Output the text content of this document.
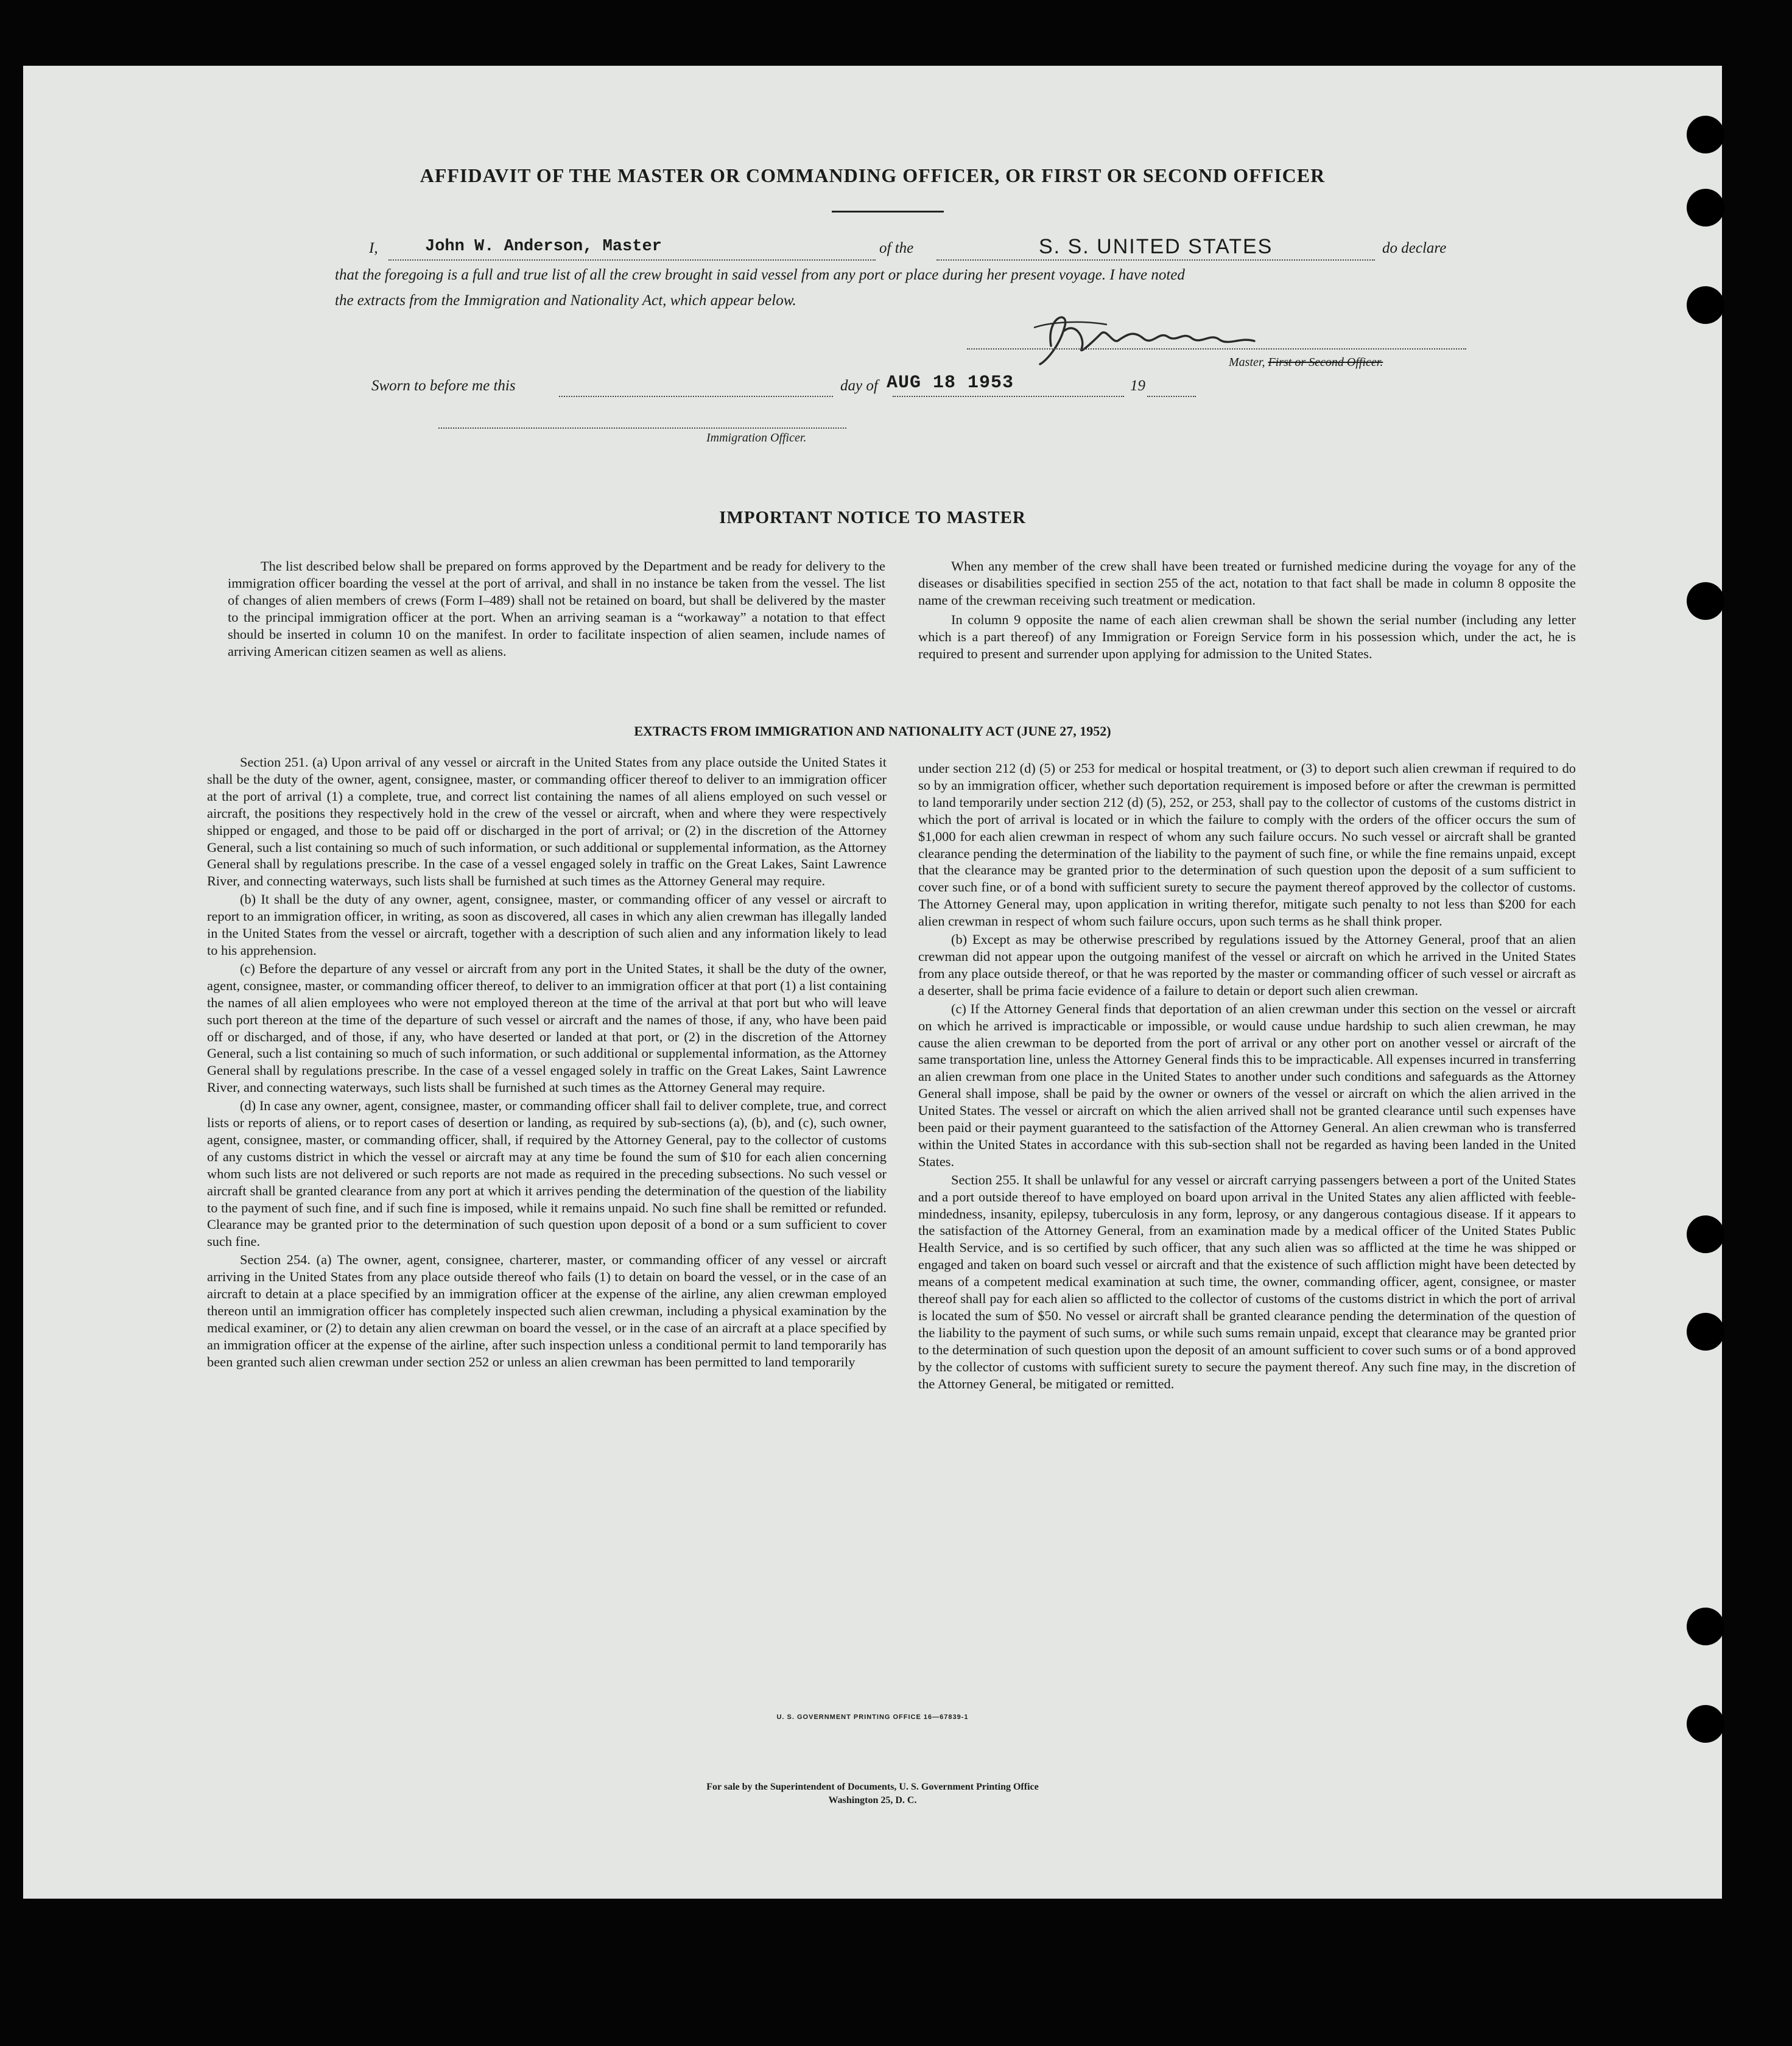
AFFIDAVIT OF THE MASTER OR COMMANDING OFFICER, OR FIRST OR SECOND OFFICER
I,	John W. Anderson, Master	of the	S. S. UNITED STATES	do declare
that the foregoing is a full and true list of all the crew brought in said vessel from any port or place during her present voyage. I have noted
the extracts from the Immigration and Nationality Act, which appear below.
Master, First or Second Officer.
Sworn to before me this	day of AUG 18 1953	19
Immigration Officer.
IMPORTANT NOTICE TO MASTER

The list described below shall be prepared on forms approved by the Department and be ready for delivery to the immigration officer boarding the vessel at the port of arrival, and shall in no instance be taken from the vessel. The list of changes of alien members of crews (Form I–489) shall not be retained on board, but shall be delivered by the master to the principal immigration officer at the port. When an arriving seaman is a “workaway” a notation to that effect should be inserted in column 10 on the manifest. In order to facilitate inspection of alien seamen, include names of arriving American citizen seamen as well as aliens.

When any member of the crew shall have been treated or furnished medicine during the voyage for any of the diseases or disabilities specified in section 255 of the act, notation to that fact shall be made in column 8 opposite the name of the crewman receiving such treatment or medication.

In column 9 opposite the name of each alien crewman shall be shown the serial number (including any letter which is a part thereof) of any Immigration or Foreign Service form in his possession which, under the act, he is required to present and surrender upon applying for admission to the United States.

EXTRACTS FROM IMMIGRATION AND NATIONALITY ACT (JUNE 27, 1952)

Section 251. (a) Upon arrival of any vessel or aircraft in the United States from any place outside the United States it shall be the duty of the owner, agent, consignee, master, or commanding officer thereof to deliver to an immigration officer at the port of arrival (1) a complete, true, and correct list containing the names of all aliens employed on such vessel or aircraft, the positions they respectively hold in the crew of the vessel or aircraft, when and where they were respectively shipped or engaged, and those to be paid off or discharged in the port of arrival; or (2) in the discretion of the Attorney General, such a list containing so much of such information, or such additional or supplemental information, as the Attorney General shall by regulations prescribe. In the case of a vessel engaged solely in traffic on the Great Lakes, Saint Lawrence River, and connecting waterways, such lists shall be furnished at such times as the Attorney General may require.

(b) It shall be the duty of any owner, agent, consignee, master, or commanding officer of any vessel or aircraft to report to an immigration officer, in writing, as soon as discovered, all cases in which any alien crewman has illegally landed in the United States from the vessel or aircraft, together with a description of such alien and any information likely to lead to his apprehension.

(c) Before the departure of any vessel or aircraft from any port in the United States, it shall be the duty of the owner, agent, consignee, master, or commanding officer thereof, to deliver to an immigration officer at that port (1) a list containing the names of all alien employees who were not employed thereon at the time of the arrival at that port but who will leave such port thereon at the time of the departure of such vessel or aircraft and the names of those, if any, who have been paid off or discharged, and of those, if any, who have deserted or landed at that port, or (2) in the discretion of the Attorney General, such a list containing so much of such information, or such additional or supplemental information, as the Attorney General shall by regulations prescribe. In the case of a vessel engaged solely in traffic on the Great Lakes, Saint Lawrence River, and connecting waterways, such lists shall be furnished at such times as the Attorney General may require.

(d) In case any owner, agent, consignee, master, or commanding officer shall fail to deliver complete, true, and correct lists or reports of aliens, or to report cases of desertion or landing, as required by sub-sections (a), (b), and (c), such owner, agent, consignee, master, or commanding officer, shall, if required by the Attorney General, pay to the collector of customs of any customs district in which the vessel or aircraft may at any time be found the sum of $10 for each alien concerning whom such lists are not delivered or such reports are not made as required in the preceding subsections. No such vessel or aircraft shall be granted clearance from any port at which it arrives pending the determination of the question of the liability to the payment of such fine, and if such fine is imposed, while it remains unpaid. No such fine shall be remitted or refunded. Clearance may be granted prior to the determination of such question upon deposit of a bond or a sum sufficient to cover such fine.

Section 254. (a) The owner, agent, consignee, charterer, master, or commanding officer of any vessel or aircraft arriving in the United States from any place outside thereof who fails (1) to detain on board the vessel, or in the case of an aircraft to detain at a place specified by an immigration officer at the expense of the airline, any alien crewman employed thereon until an immigration officer has completely inspected such alien crewman, including a physical examination by the medical examiner, or (2) to detain any alien crewman on board the vessel, or in the case of an aircraft at a place specified by an immigration officer at the expense of the airline, after such inspection unless a conditional permit to land temporarily has been granted such alien crewman under section 252 or unless an alien crewman has been permitted to land temporarily

under section 212 (d) (5) or 253 for medical or hospital treatment, or (3) to deport such alien crewman if required to do so by an immigration officer, whether such deportation requirement is imposed before or after the crewman is permitted to land temporarily under section 212 (d) (5), 252, or 253, shall pay to the collector of customs of the customs district in which the port of arrival is located or in which the failure to comply with the orders of the officer occurs the sum of $1,000 for each alien crewman in respect of whom any such failure occurs. No such vessel or aircraft shall be granted clearance pending the determination of the liability to the payment of such fine, or while the fine remains unpaid, except that the clearance may be granted prior to the determination of such question upon the deposit of a sum sufficient to cover such fine, or of a bond with sufficient surety to secure the payment thereof approved by the collector of customs. The Attorney General may, upon application in writing therefor, mitigate such penalty to not less than $200 for each alien crewman in respect of whom such failure occurs, upon such terms as he shall think proper.

(b) Except as may be otherwise prescribed by regulations issued by the Attorney General, proof that an alien crewman did not appear upon the outgoing manifest of the vessel or aircraft on which he arrived in the United States from any place outside thereof, or that he was reported by the master or commanding officer of such vessel or aircraft as a deserter, shall be prima facie evidence of a failure to detain or deport such alien crewman.

(c) If the Attorney General finds that deportation of an alien crewman under this section on the vessel or aircraft on which he arrived is impracticable or impossible, or would cause undue hardship to such alien crewman, he may cause the alien crewman to be deported from the port of arrival or any other port on another vessel or aircraft of the same transportation line, unless the Attorney General finds this to be impracticable. All expenses incurred in transferring an alien crewman from one place in the United States to another under such conditions and safeguards as the Attorney General shall impose, shall be paid by the owner or owners of the vessel or aircraft on which the alien arrived in the United States. The vessel or aircraft on which the alien arrived shall not be granted clearance until such expenses have been paid or their payment guaranteed to the satisfaction of the Attorney General. An alien crewman who is transferred within the United States in accordance with this sub-section shall not be regarded as having been landed in the United States.

Section 255. It shall be unlawful for any vessel or aircraft carrying passengers between a port of the United States and a port outside thereof to have employed on board upon arrival in the United States any alien afflicted with feeble-mindedness, insanity, epilepsy, tuberculosis in any form, leprosy, or any dangerous contagious disease. If it appears to the satisfaction of the Attorney General, from an examination made by a medical officer of the United States Public Health Service, and is so certified by such officer, that any such alien was so afflicted at the time he was shipped or engaged and taken on board such vessel or aircraft and that the existence of such affliction might have been detected by means of a competent medical examination at such time, the owner, commanding officer, agent, consignee, or master thereof shall pay for each alien so afflicted to the collector of customs of the customs district in which the port of arrival is located the sum of $50. No vessel or aircraft shall be granted clearance pending the determination of the question of the liability to the payment of such sums, or while such sums remain unpaid, except that clearance may be granted prior to the determination of such question upon the deposit of an amount sufficient to cover such sums or of a bond approved by the collector of customs with sufficient surety to secure the payment thereof. Any such fine may, in the discretion of the Attorney General, be mitigated or remitted.

U. S. GOVERNMENT PRINTING OFFICE 16—67839-1
For sale by the Superintendent of Documents, U. S. Government Printing Office
Washington 25, D. C.
